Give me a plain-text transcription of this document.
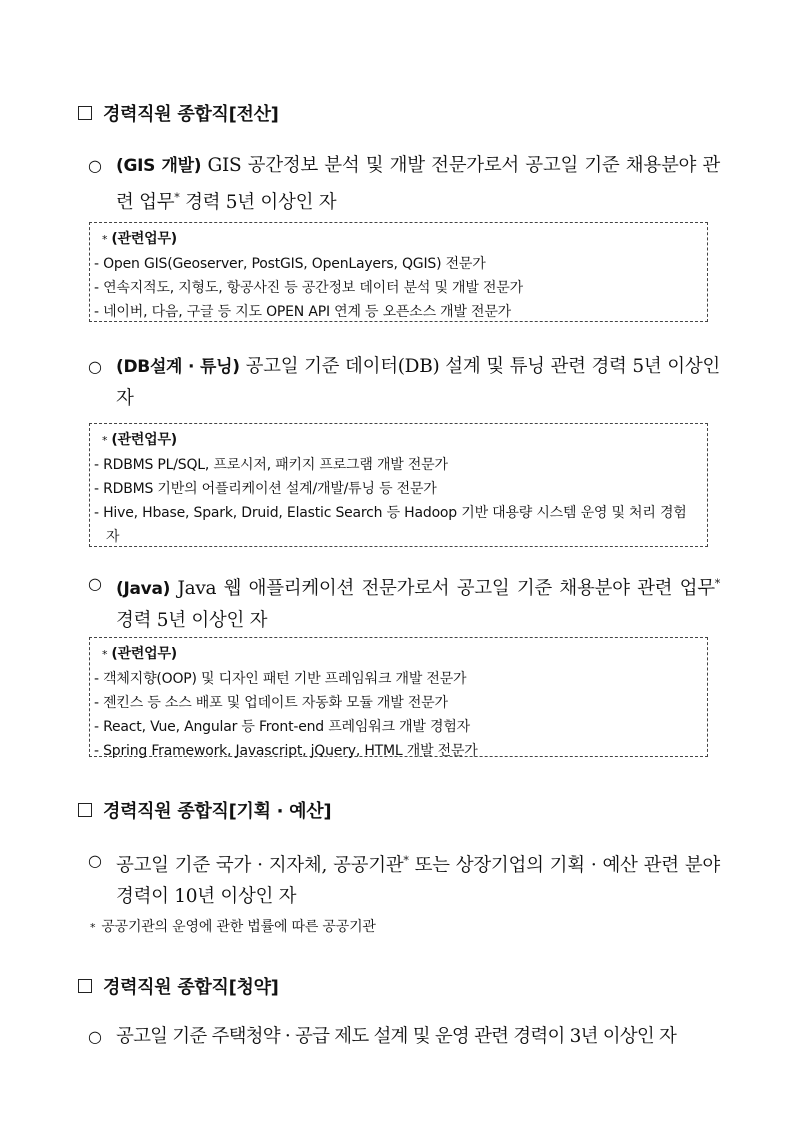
경력직원 종합직[전산]
○ (GIS 개발) GIS 공간정보 분석 및 개발 전문가로서 공고일 기준 채용분야 관련 업무* 경력 5년 이상인 자
* (관련업무)
- Open GIS(Geoserver, PostGIS, OpenLayers, QGIS) 전문가
- 연속지적도, 지형도, 항공사진 등 공간정보 데이터 분석 및 개발 전문가
- 네이버, 다음, 구글 등 지도 OPEN API 연계 등 오픈소스 개발 전문가
○ (DB설계 · 튜닝) 공고일 기준 데이터(DB) 설계 및 튜닝 관련 경력 5년 이상인 자
* (관련업무)
- RDBMS PL/SQL, 프로시저, 패키지 프로그램 개발 전문가
- RDBMS 기반의 어플리케이션 설계/개발/튜닝 등 전문가
- Hive, Hbase, Spark, Druid, Elastic Search 등 Hadoop 기반 대용량 시스템 운영 및 처리 경험자
○ (Java) Java 웹 애플리케이션 전문가로서 공고일 기준 채용분야 관련 업무* 경력 5년 이상인 자
* (관련업무)
- 객체지향(OOP) 및 디자인 패턴 기반 프레임워크 개발 전문가
- 젠킨스 등 소스 배포 및 업데이트 자동화 모듈 개발 전문가
- React, Vue, Angular 등 Front-end 프레임워크 개발 경험자
- Spring Framework, Javascript, jQuery, HTML 개발 전문가
경력직원 종합직[기획 · 예산]
○ 공고일 기준 국가 · 지자체, 공공기관* 또는 상장기업의 기획 · 예산 관련 분야 경력이 10년 이상인 자
* 공공기관의 운영에 관한 법률에 따른 공공기관
경력직원 종합직[청약]
○ 공고일 기준 주택청약 · 공급 제도 설계 및 운영 관련 경력이 3년 이상인 자
